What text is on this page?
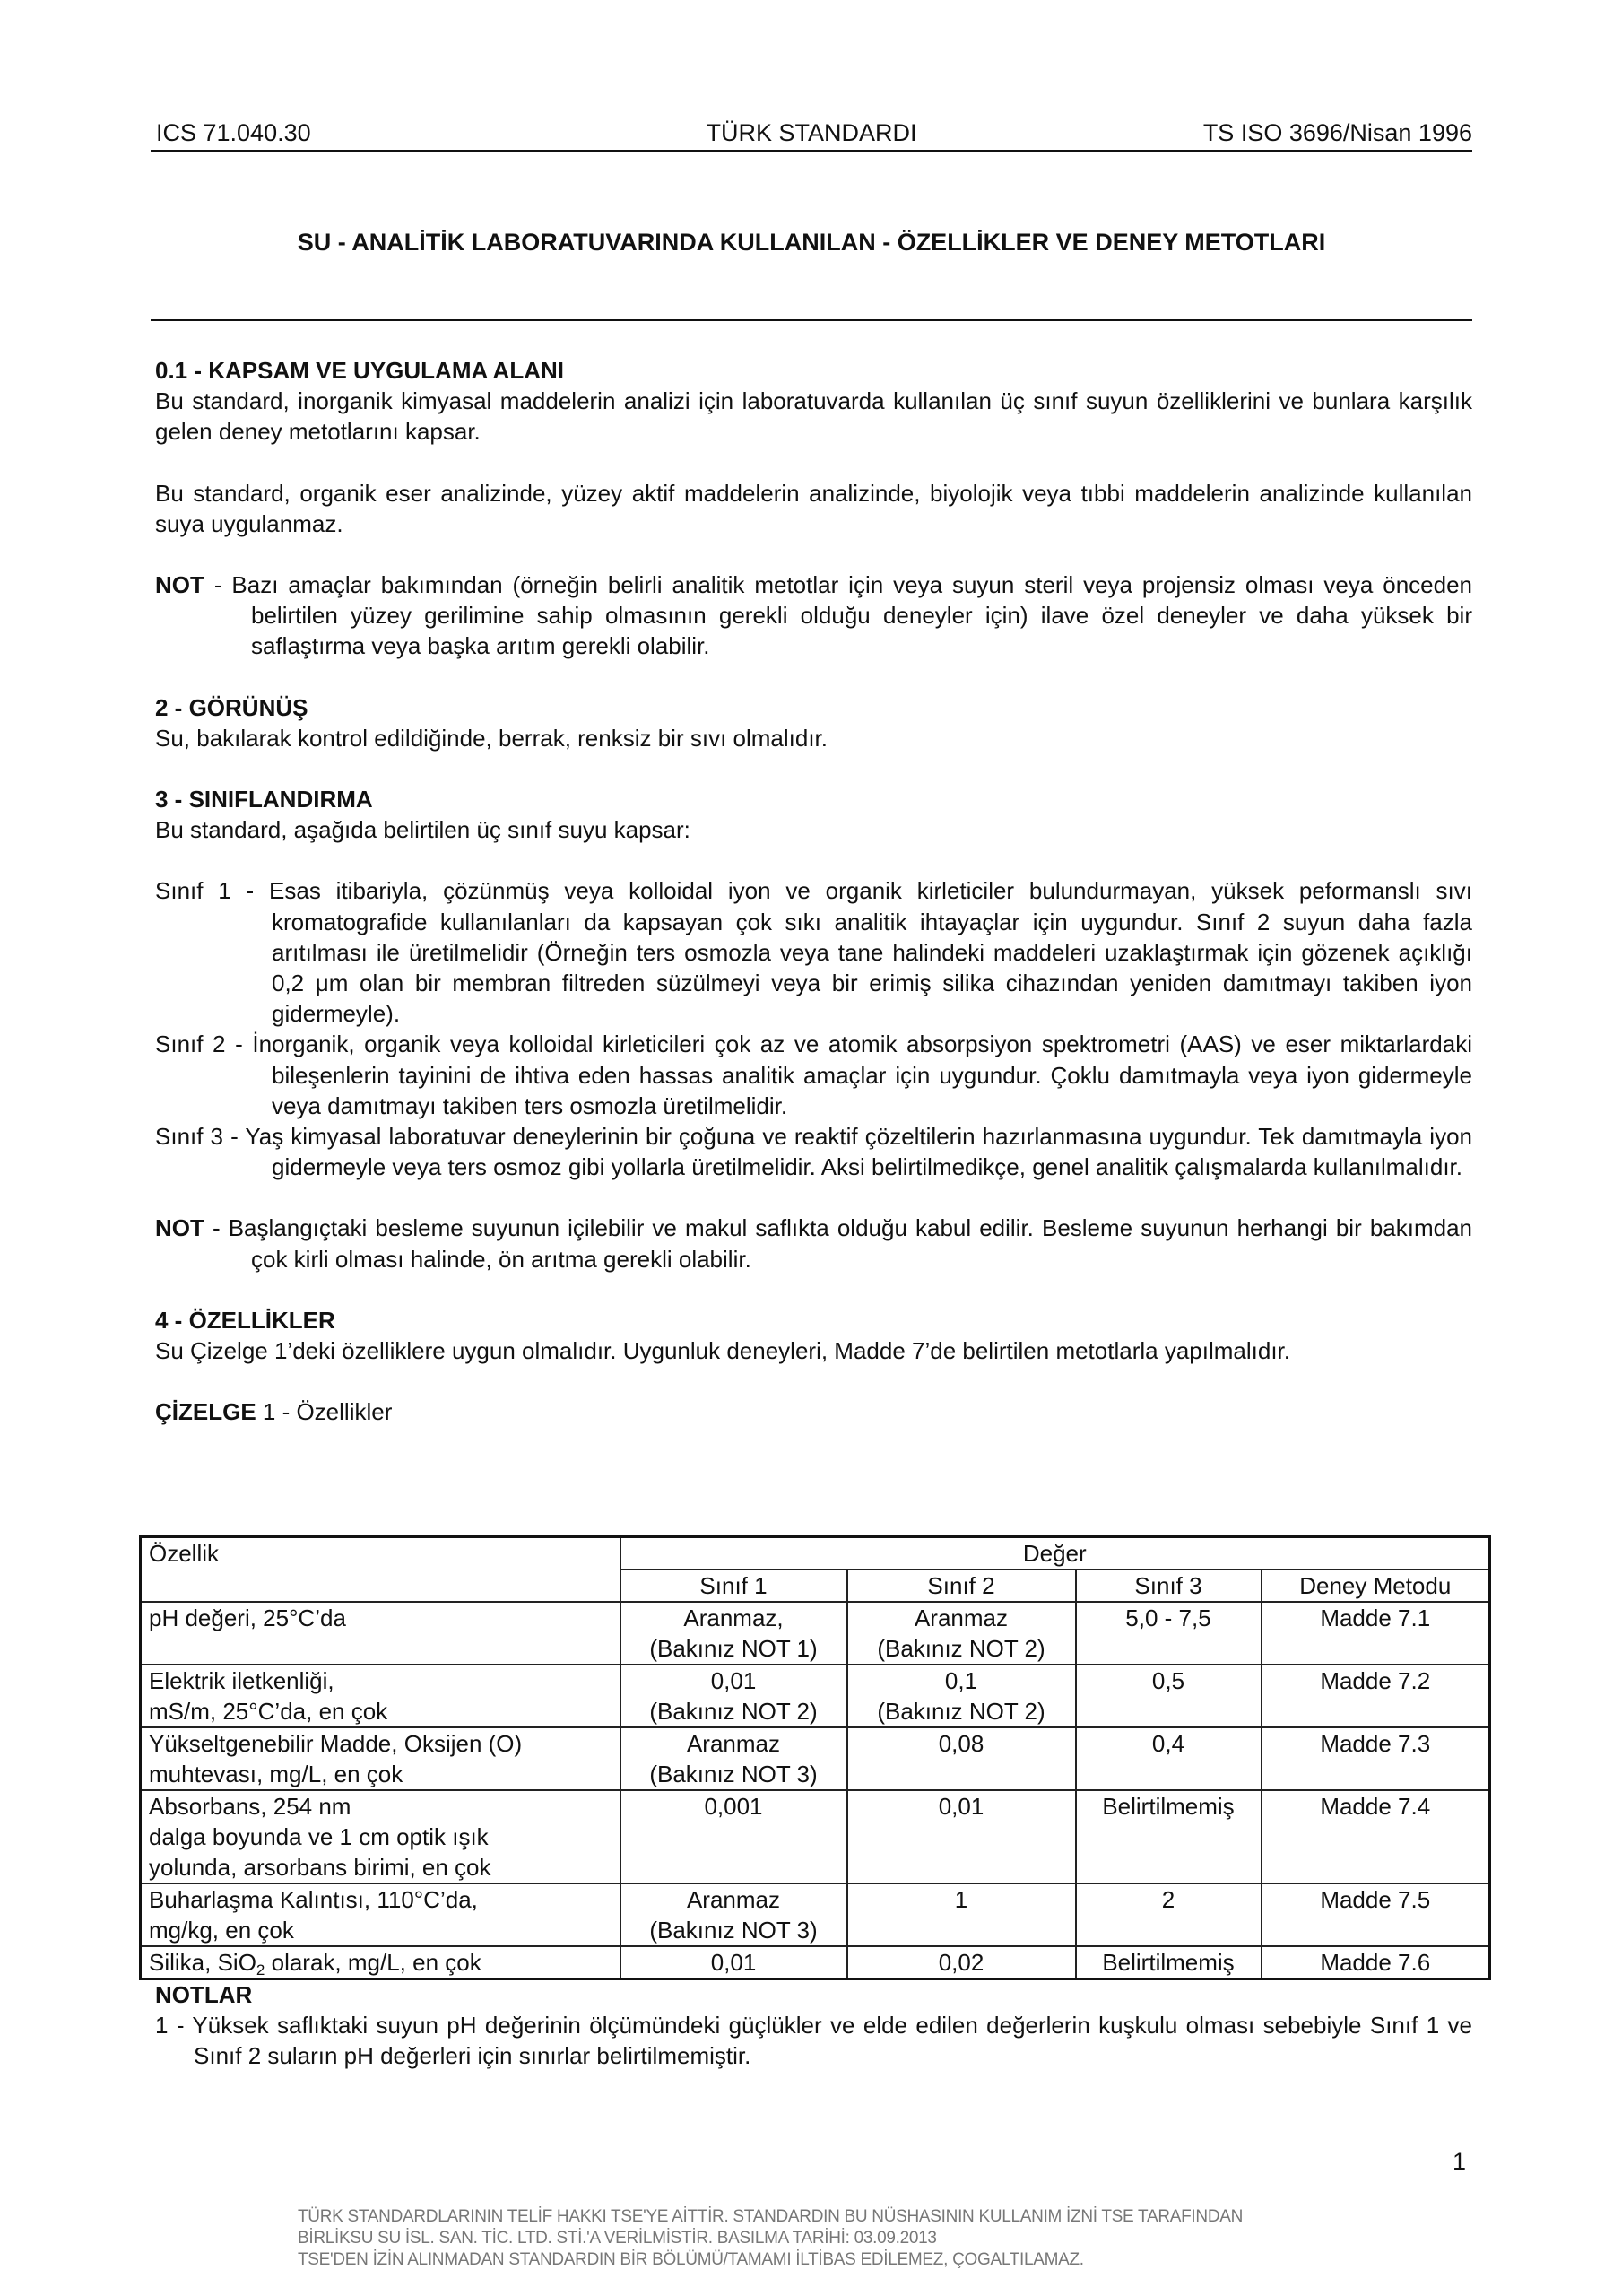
ICS 71.040.30	TÜRK STANDARDI	TS ISO 3696/Nisan 1996
SU - ANALİTİK LABORATUVARINDA KULLANILAN - ÖZELLİKLER VE DENEY METOTLARI

0.1 - KAPSAM VE UYGULAMA ALANI

Bu standard, inorganik kimyasal maddelerin analizi için laboratuvarda kullanılan üç sınıf suyun özelliklerini ve bunlara karşılık gelen deney metotlarını kapsar.

Bu standard, organik eser analizinde, yüzey aktif maddelerin analizinde, biyolojik veya tıbbi maddelerin analizinde kullanılan suya uygulanmaz.

NOT - Bazı amaçlar bakımından (örneğin belirli analitik metotlar için veya suyun steril veya projensiz olması veya önceden belirtilen yüzey gerilimine sahip olmasının gerekli olduğu deneyler için) ilave özel deneyler ve daha yüksek bir saflaştırma veya başka arıtım gerekli olabilir.

2 - GÖRÜNÜŞ

Su, bakılarak kontrol edildiğinde, berrak, renksiz bir sıvı olmalıdır.

3 - SINIFLANDIRMA

Bu standard, aşağıda belirtilen üç sınıf suyu kapsar:

Sınıf 1 - Esas itibariyla, çözünmüş veya kolloidal iyon ve organik kirleticiler bulundurmayan, yüksek peformanslı sıvı kromatografide kullanılanları da kapsayan çok sıkı analitik ihtayaçlar için uygundur. Sınıf 2 suyun daha fazla arıtılması ile üretilmelidir (Örneğin ters osmozla veya tane halindeki maddeleri uzaklaştırmak için gözenek açıklığı 0,2 μm olan bir membran filtreden süzülmeyi veya bir erimiş silika cihazından yeniden damıtmayı takiben iyon gidermeyle).

Sınıf 2 - İnorganik, organik veya kolloidal kirleticileri çok az ve atomik absorpsiyon spektrometri (AAS) ve eser miktarlardaki bileşenlerin tayinini de ihtiva eden hassas analitik amaçlar için uygundur. Çoklu damıtmayla veya iyon gidermeyle veya damıtmayı takiben ters osmozla üretilmelidir.

Sınıf 3 - Yaş kimyasal laboratuvar deneylerinin bir çoğuna ve reaktif çözeltilerin hazırlanmasına uygundur. Tek damıtmayla iyon gidermeyle veya ters osmoz gibi yollarla üretilmelidir. Aksi belirtilmedikçe, genel analitik çalışmalarda kullanılmalıdır.

NOT - Başlangıçtaki besleme suyunun içilebilir ve makul saflıkta olduğu kabul edilir. Besleme suyunun herhangi bir bakımdan çok kirli olması halinde, ön arıtma gerekli olabilir.

4 - ÖZELLİKLER

Su Çizelge 1’deki özelliklere uygun olmalıdır. Uygunluk deneyleri, Madde 7’de belirtilen metotlarla yapılmalıdır.

ÇİZELGE 1 - Özellikler

Özellik	Değer			
	Sınıf 1	Sınıf 2	Sınıf 3	Deney Metodu

pH değeri, 25°C’da	Aranmaz,
(Bakınız NOT 1)	Aranmaz
(Bakınız NOT 2)	5,0 - 7,5	Madde 7.1

Elektrik iletkenliği,
mS/m, 25°C’da, en çok	0,01
(Bakınız NOT 2)	0,1
(Bakınız NOT 2)	0,5	Madde 7.2

Yükseltgenebilir Madde, Oksijen (O)
muhtevası, mg/L, en çok	Aranmaz
(Bakınız NOT 3)	0,08	0,4	Madde 7.3

Absorbans, 254 nm
dalga boyunda ve 1 cm optik ışık
yolunda, arsorbans birimi, en çok	0,001	0,01	Belirtilmemiş	Madde 7.4

Buharlaşma Kalıntısı, 110°C’da,
mg/kg, en çok	Aranmaz
(Bakınız NOT 3)	1	2	Madde 7.5

Silika, SiO$_2$ olarak, mg/L, en çok	0,01	0,02	Belirtilmemiş	Madde 7.6

NOTLAR

1 - Yüksek saflıktaki suyun pH değerinin ölçümündeki güçlükler ve elde edilen değerlerin kuşkulu olması sebebiyle Sınıf 1 ve Sınıf 2 suların pH değerleri için sınırlar belirtilmemiştir.

1
TÜRK STANDARDLARININ TELİF HAKKI TSE'YE AİTTİR. STANDARDIN BU NÜSHASININ KULLANIM İZNİ TSE TARAFINDAN
BİRLİKSU SU İSL. SAN. TİC. LTD. STİ.'A VERİLMİSTİR. BASILMA TARİHİ: 03.09.2013
TSE'DEN İZİN ALINMADAN STANDARDIN BİR BÖLÜMÜ/TAMAMI İLTİBAS EDİLEMEZ, ÇOGALTILAMAZ.
